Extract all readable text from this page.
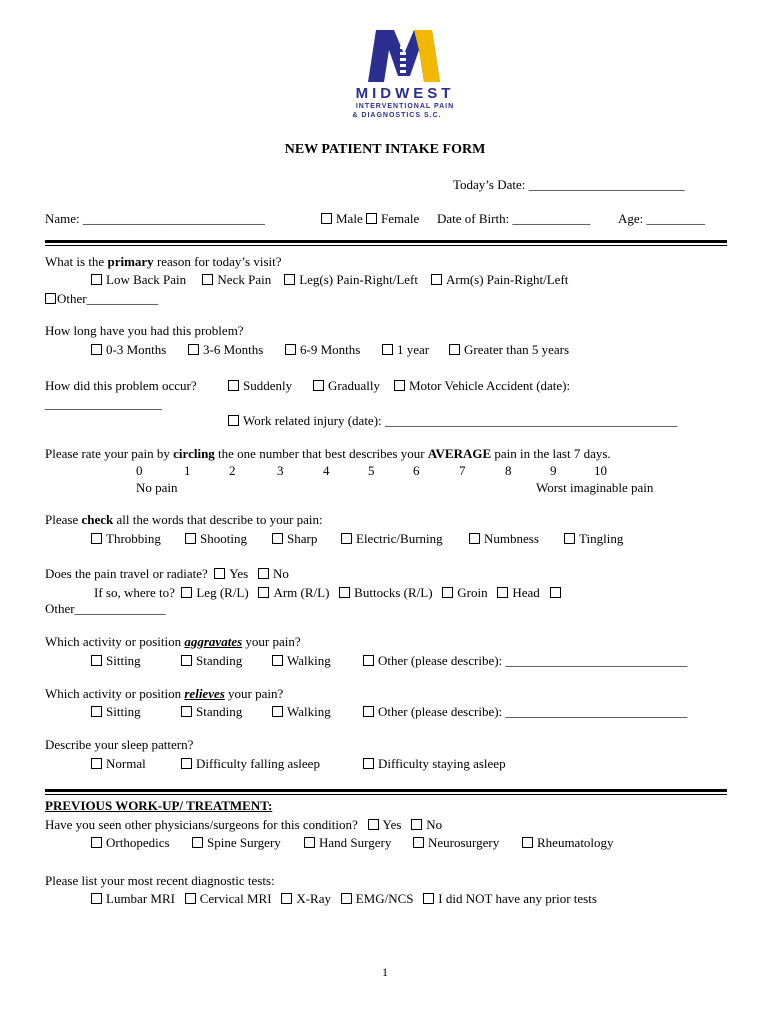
MIDWEST
INTERVENTIONAL PAIN
& DIAGNOSTICS S.C.
NEW PATIENT INTAKE FORM
Today’s Date: ________________________
Name: ____________________________	Male Female Date of Birth: ____________ Age: _________
What is the primary reason for today’s visit?
Low Back Pain Neck Pain Leg(s) Pain-Right/Left Arm(s) Pain-Right/Left
Other___________
How long have you had this problem?
0-3 Months	3-6 Months	6-9 Months	1 year	Greater than 5 years
How did this problem occur?	Suddenly	Gradually	Motor Vehicle Accident (date):
__________________
Work related injury (date): _____________________________________________
Please rate your pain by circling the one number that best describes your AVERAGE pain in the last 7 days.
0	1	2	3	4	5	6	7	8	9	10
No pain	Worst imaginable pain
Please check all the words that describe to your pain:
Throbbing	Shooting	Sharp	Electric/Burning	Numbness	Tingling
Does the pain travel or radiate? Yes No
If so, where to? Leg (R/L) Arm (R/L) Buttocks (R/L) Groin Head
Other______________
Which activity or position aggravates your pain?
Sitting	Standing	Walking	Other (please describe): ____________________________
Which activity or position relieves your pain?
Sitting	Standing	Walking	Other (please describe): ____________________________
Describe your sleep pattern?
Normal	Difficulty falling asleep	Difficulty staying asleep
PREVIOUS WORK-UP/ TREATMENT:
Have you seen other physicians/surgeons for this condition? Yes No
Orthopedics	Spine Surgery	Hand Surgery	Neurosurgery	Rheumatology
Please list your most recent diagnostic tests:
Lumbar MRI Cervical MRI X-Ray EMG/NCS I did NOT have any prior tests
1
